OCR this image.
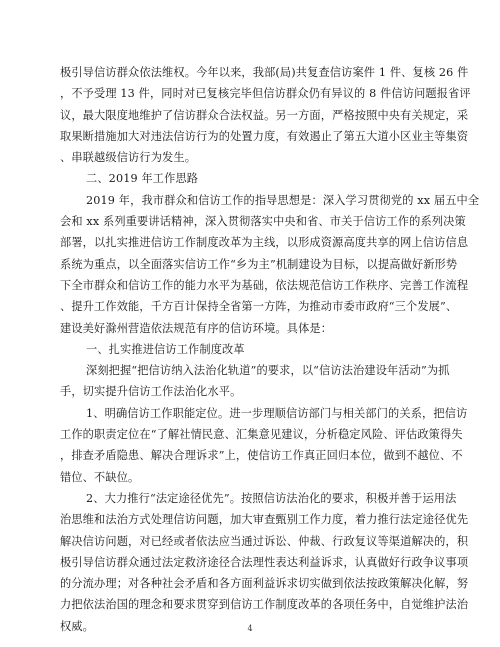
极引导信访群众依法维权。今年以来，我部(局)共复查信访案件 1 件、复核 26 件
，不予受理 13 件，同时对已复核完毕但信访群众仍有异议的 8 件信访问题报省评
议，最大限度地维护了信访群众合法权益。另一方面，严格按照中央有关规定，采
取果断措施加大对违法信访行为的处置力度，有效遏止了第五大道小区业主等集资
、串联越级信访行为发生。
二、2019 年工作思路
2019 年，我市群众和信访工作的指导思想是：深入学习贯彻党的 xx 届五中全
会和 xx 系列重要讲话精神，深入贯彻落实中央和省、市关于信访工作的系列决策
部署，以扎实推进信访工作制度改革为主线，以形成资源高度共享的网上信访信息
系统为重点，以全面落实信访工作“乡为主”机制建设为目标，以提高做好新形势
下全市群众和信访工作的能力水平为基础，依法规范信访工作秩序、完善工作流程
、提升工作效能，千方百计保持全省第一方阵，为推动市委市政府“三个发展”、
建设美好滁州营造依法规范有序的信访环境。具体是：
一、扎实推进信访工作制度改革
深刻把握“把信访纳入法治化轨道”的要求，以“信访法治建设年活动”为抓
手，切实提升信访工作法治化水平。
1、明确信访工作职能定位。进一步理顺信访部门与相关部门的关系，把信访
工作的职责定位在“了解社情民意、汇集意见建议，分析稳定风险、评估政策得失
，排查矛盾隐患、解决合理诉求”上，使信访工作真正回归本位，做到不越位、不
错位、不缺位。
2、大力推行“法定途径优先”。按照信访法治化的要求，积极并善于运用法
治思维和法治方式处理信访问题，加大审查甄别工作力度，着力推行法定途径优先
解决信访问题，对已经或者依法应当通过诉讼、仲裁、行政复议等渠道解决的，积
极引导信访群众通过法定救济途径合法理性表达利益诉求，认真做好行政争议事项
的分流办理；对各种社会矛盾和各方面利益诉求切实做到依法按政策解决化解，努
力把依法治国的理念和要求贯穿到信访工作制度改革的各项任务中，自觉维护法治
权威。	4
